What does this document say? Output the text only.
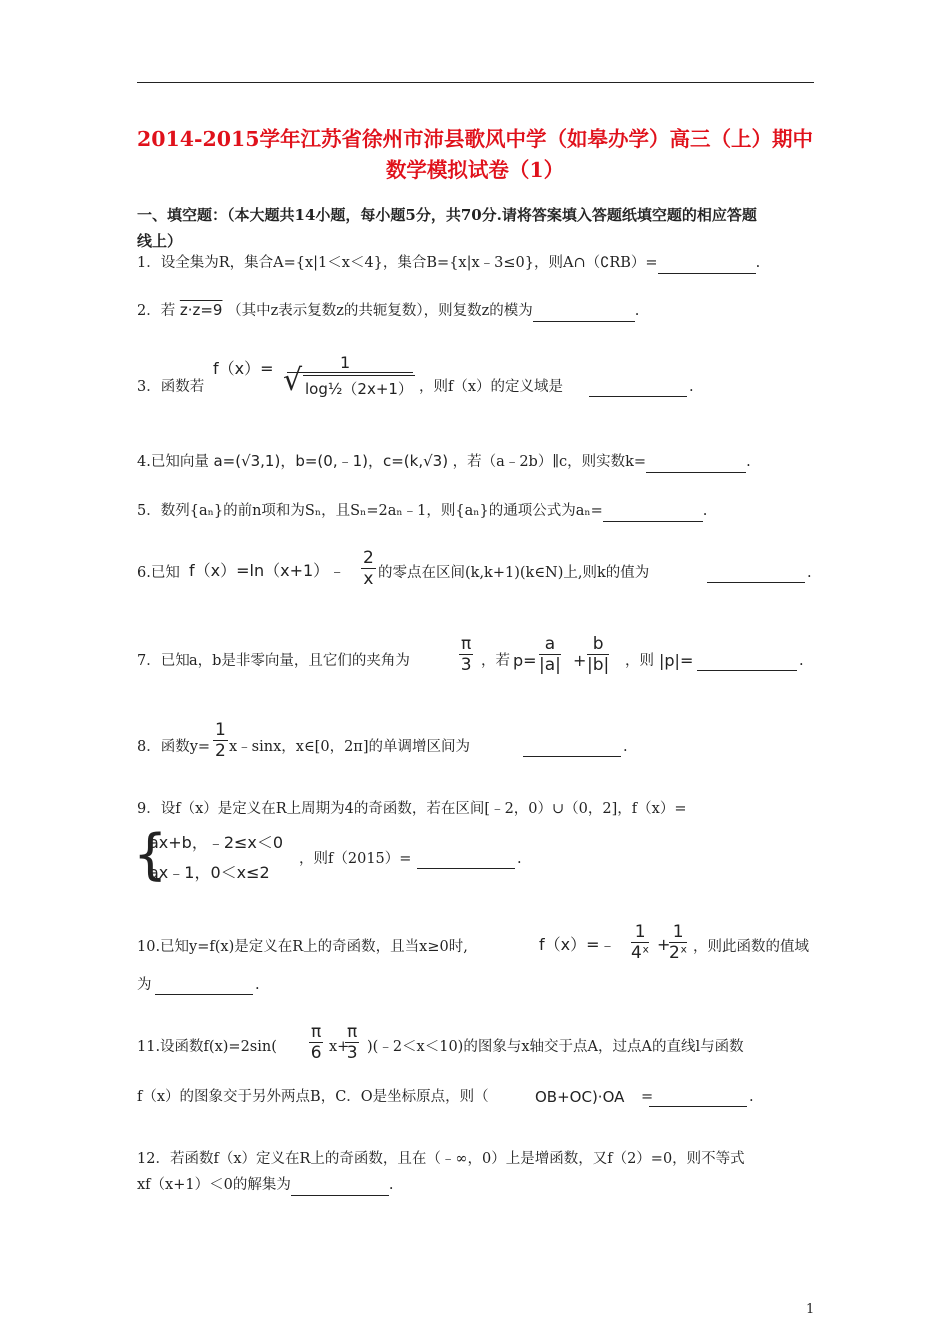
2014-2015学年江苏省徐州市沛县歌风中学（如皋办学）高三（上）期中
数学模拟试卷（1）
一、填空题：（本大题共14小题，每小题5分，共70分.请将答案填入答题纸填空题的相应答题
线上）
1．设全集为R，集合A={x|1＜x＜4}，集合B={x|x﹣3≤0}，则A∩（∁RB）=	.
2．若 z·z=9 （其中z表示复数z的共轭复数），则复数z的模为	.
3．函数若
f（x）=	1
√ log½（2x+1） ，则f（x）的定义域是	.
4.已知向量 a=(√3,1)，b=(0,﹣1)，c=(k,√3) ，若（a﹣2b）∥c，则实数k=	.
5．数列{aₙ}的前n项和为Sₙ，且Sₙ=2aₙ﹣1，则{aₙ}的通项公式为aₙ=	.
6.已知 f（x）=ln（x+1）﹣ $\frac{2}{x}$ 的零点在区间(k,k+1)(k∈N)上,则k的值为	.
7．已知 a，b是非零向量，且它们的夹角为	$\frac{\pi}{3}$ ，若 $p= \frac{a}{|a|} + \frac{b}{|b|}$ ，则 |p|=	.
8．函数$y= \frac{1}{2}$ x﹣sinx，x∈[0，2π]的单调增区间为	.
9．设f（x）是定义在R上周期为4的奇函数，若在区间[﹣2，0）∪（0，2]，f（x）=
{
ax+b，﹣2≤x＜0
ax﹣1，0＜x≤2
，则f（2015）=	.
10.已知y=f(x)是定义在R上的奇函数，且当x≥0时,	f（x）=﹣ $\frac{1}{\text{4ˣ}}$ +
$\frac{1}{\text{2ˣ}}$ ，则此函数的值域
为	.
11.设函数$f(x)=2\sin( \frac{\pi}{6} x+$
$\frac{\pi}{3}$ )(﹣2＜x＜10)的图象与x轴交于点A，过点A的直线l与函数
f（x）的图象交于另外两点B，C．O是坐标原点，则（	OB+OC)·OA =	.
12．若函数f（x）定义在R上的奇函数，且在（﹣∞，0）上是增函数，又f（2）=0，则不等式
xf（x+1）＜0的解集为	.
1
